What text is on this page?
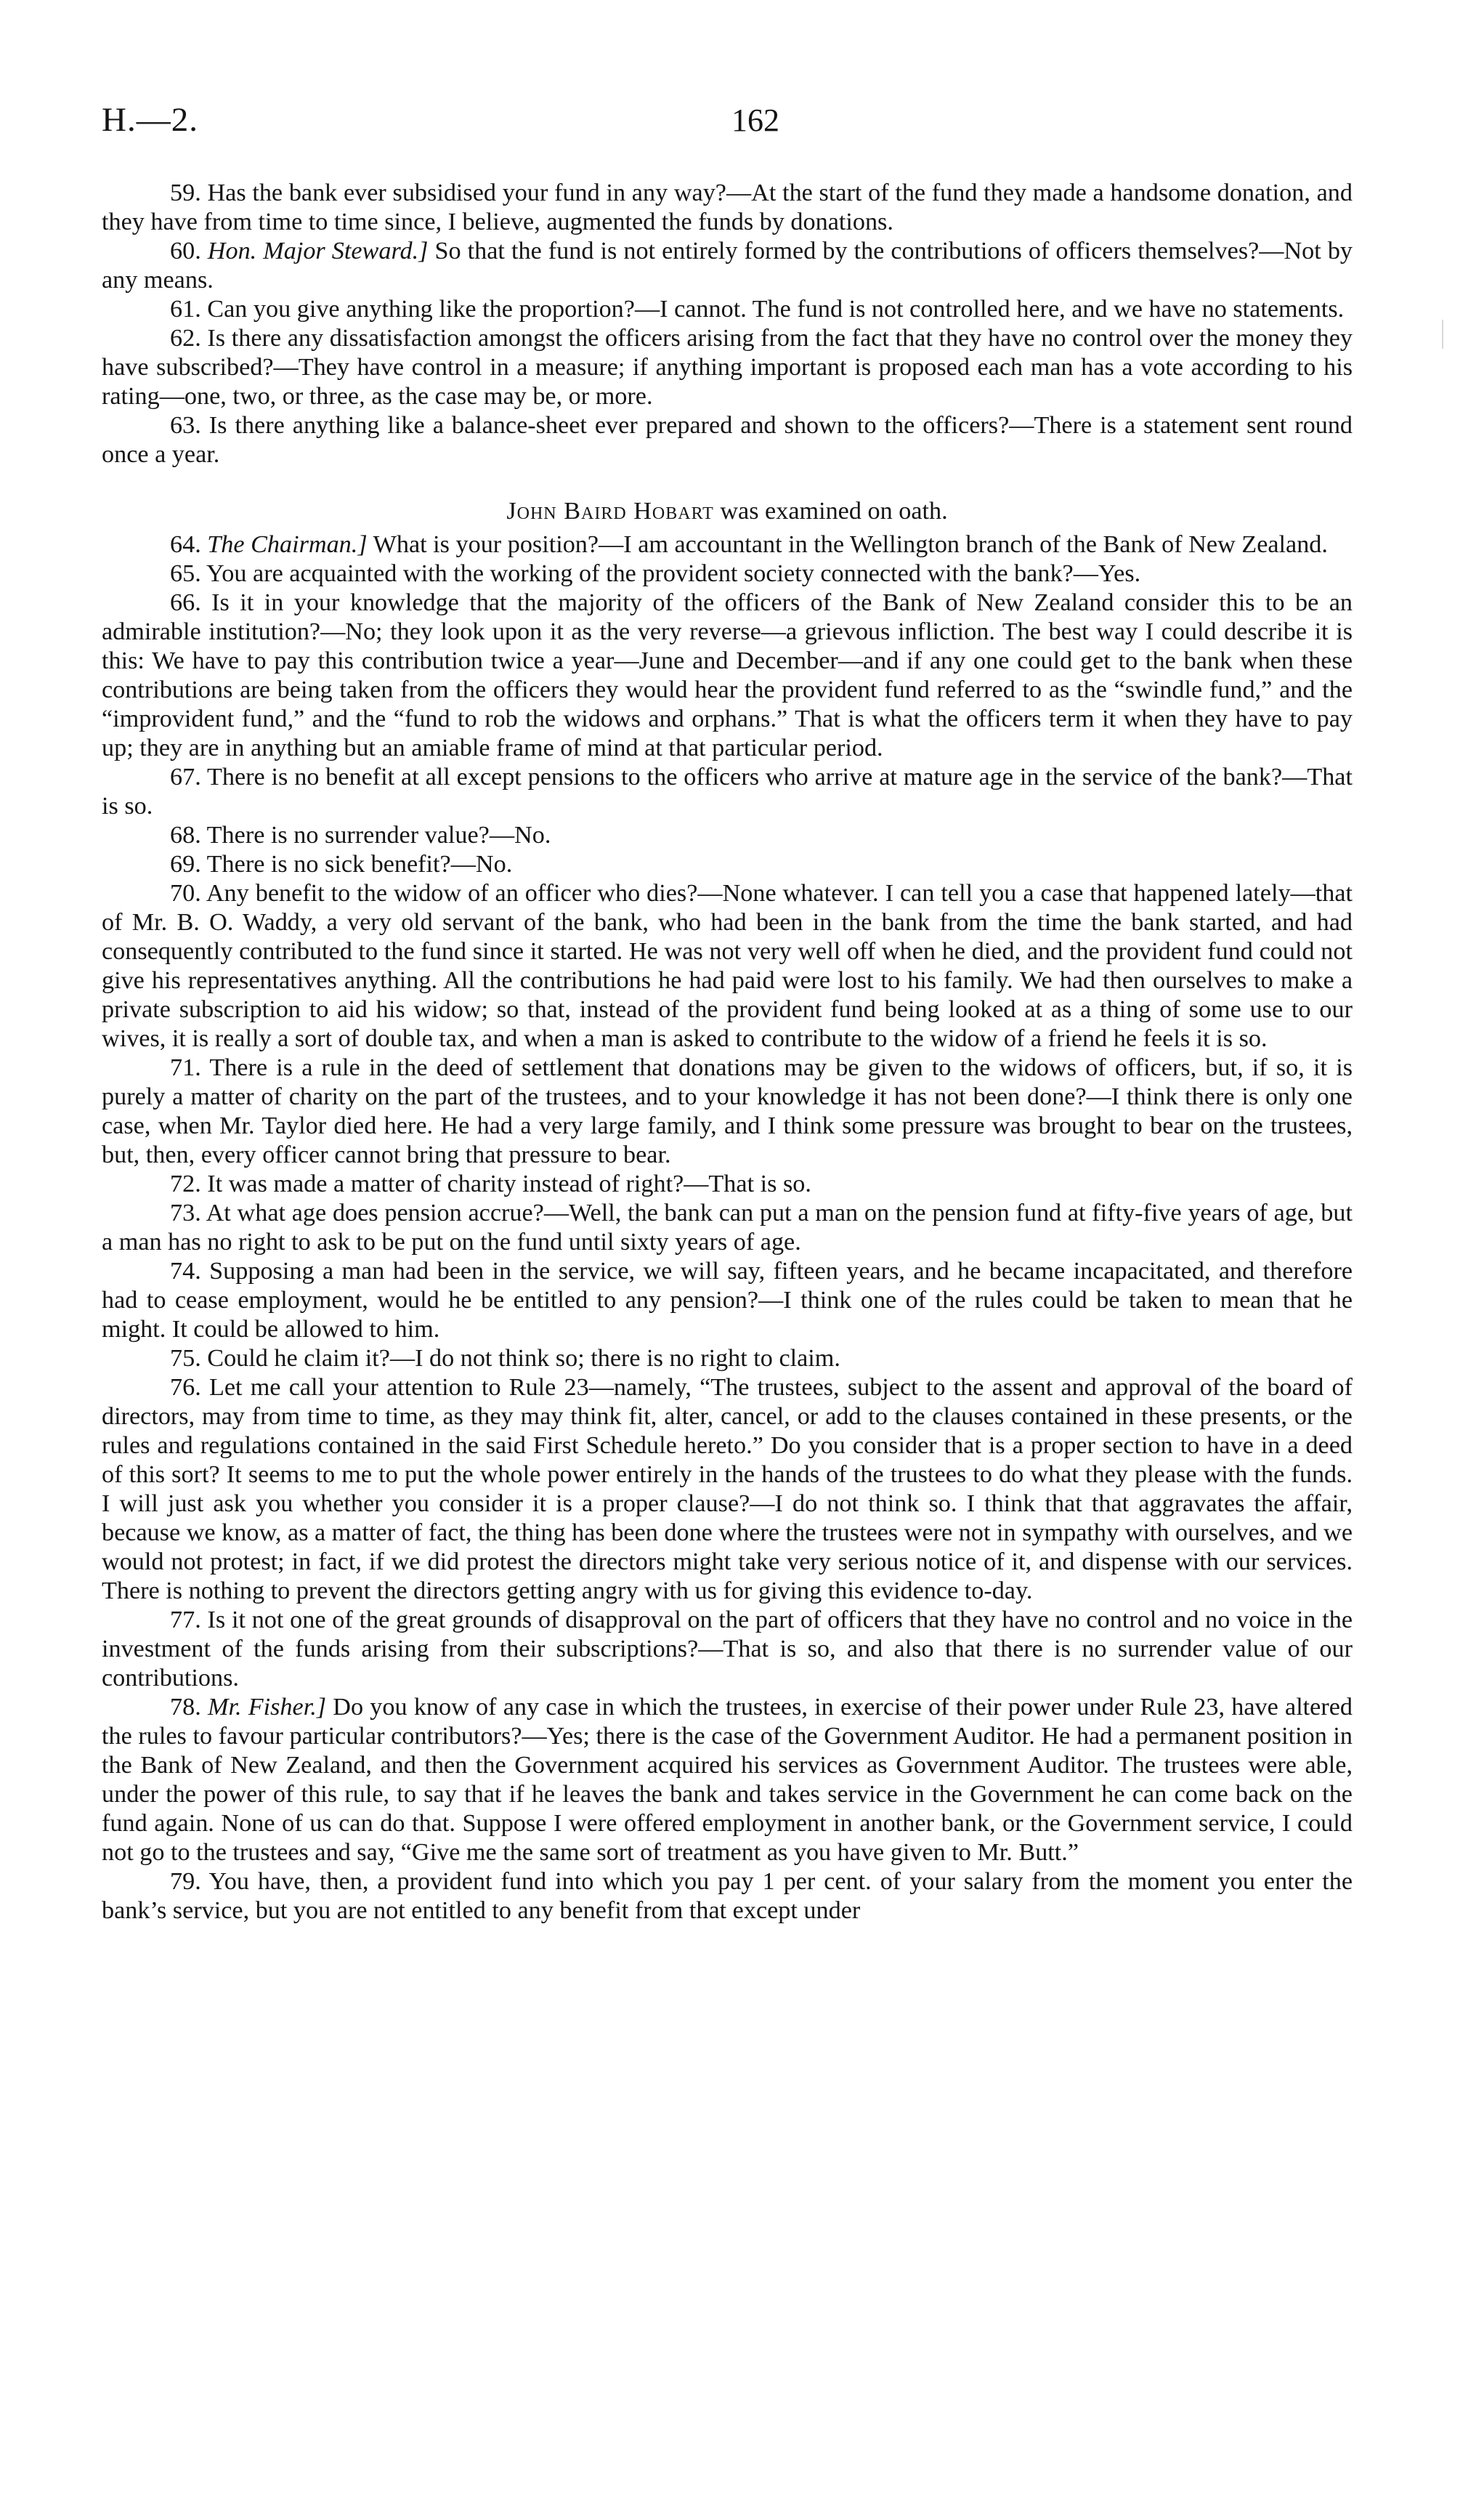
H.—2.	162

59. Has the bank ever subsidised your fund in any way?—At the start of the fund they made a handsome donation, and they have from time to time since, I believe, augmented the funds by donations.

60. Hon. Major Steward.] So that the fund is not entirely formed by the contributions of officers themselves?—Not by any means.

61. Can you give anything like the proportion?—I cannot. The fund is not controlled here, and we have no statements.

62. Is there any dissatisfaction amongst the officers arising from the fact that they have no control over the money they have subscribed?—They have control in a measure; if anything important is proposed each man has a vote according to his rating—one, two, or three, as the case may be, or more.

63. Is there anything like a balance-sheet ever prepared and shown to the officers?—There is a statement sent round once a year.

John Baird Hobart was examined on oath.

64. The Chairman.] What is your position?—I am accountant in the Wellington branch of the Bank of New Zealand.

65. You are acquainted with the working of the provident society connected with the bank?—Yes.

66. Is it in your knowledge that the majority of the officers of the Bank of New Zealand consider this to be an admirable institution?—No; they look upon it as the very reverse—a grievous infliction. The best way I could describe it is this: We have to pay this contribution twice a year—June and December—and if any one could get to the bank when these contributions are being taken from the officers they would hear the provident fund referred to as the “swindle fund,” and the “improvident fund,” and the “fund to rob the widows and orphans.” That is what the officers term it when they have to pay up; they are in anything but an amiable frame of mind at that particular period.

67. There is no benefit at all except pensions to the officers who arrive at mature age in the service of the bank?—That is so.

68. There is no surrender value?—No.

69. There is no sick benefit?—No.

70. Any benefit to the widow of an officer who dies?—None whatever. I can tell you a case that happened lately—that of Mr. B. O. Waddy, a very old servant of the bank, who had been in the bank from the time the bank started, and had consequently contributed to the fund since it started. He was not very well off when he died, and the provident fund could not give his representatives anything. All the contributions he had paid were lost to his family. We had then ourselves to make a private subscription to aid his widow; so that, instead of the provident fund being looked at as a thing of some use to our wives, it is really a sort of double tax, and when a man is asked to contribute to the widow of a friend he feels it is so.

71. There is a rule in the deed of settlement that donations may be given to the widows of officers, but, if so, it is purely a matter of charity on the part of the trustees, and to your knowledge it has not been done?—I think there is only one case, when Mr. Taylor died here. He had a very large family, and I think some pressure was brought to bear on the trustees, but, then, every officer cannot bring that pressure to bear.

72. It was made a matter of charity instead of right?—That is so.

73. At what age does pension accrue?—Well, the bank can put a man on the pension fund at fifty-five years of age, but a man has no right to ask to be put on the fund until sixty years of age.

74. Supposing a man had been in the service, we will say, fifteen years, and he became incapacitated, and therefore had to cease employment, would he be entitled to any pension?—I think one of the rules could be taken to mean that he might. It could be allowed to him.

75. Could he claim it?—I do not think so; there is no right to claim.

76. Let me call your attention to Rule 23—namely, “The trustees, subject to the assent and approval of the board of directors, may from time to time, as they may think fit, alter, cancel, or add to the clauses contained in these presents, or the rules and regulations contained in the said First Schedule hereto.” Do you consider that is a proper section to have in a deed of this sort? It seems to me to put the whole power entirely in the hands of the trustees to do what they please with the funds. I will just ask you whether you consider it is a proper clause?—I do not think so. I think that that aggravates the affair, because we know, as a matter of fact, the thing has been done where the trustees were not in sympathy with ourselves, and we would not protest; in fact, if we did protest the directors might take very serious notice of it, and dispense with our services. There is nothing to prevent the directors getting angry with us for giving this evidence to-day.

77. Is it not one of the great grounds of disapproval on the part of officers that they have no control and no voice in the investment of the funds arising from their subscriptions?—That is so, and also that there is no surrender value of our contributions.

78. Mr. Fisher.] Do you know of any case in which the trustees, in exercise of their power under Rule 23, have altered the rules to favour particular contributors?—Yes; there is the case of the Government Auditor. He had a permanent position in the Bank of New Zealand, and then the Government acquired his services as Government Auditor. The trustees were able, under the power of this rule, to say that if he leaves the bank and takes service in the Government he can come back on the fund again. None of us can do that. Suppose I were offered employment in another bank, or the Government service, I could not go to the trustees and say, “Give me the same sort of treatment as you have given to Mr. Butt.”

79. You have, then, a provident fund into which you pay 1 per cent. of your salary from the moment you enter the bank’s service, but you are not entitled to any benefit from that except under
